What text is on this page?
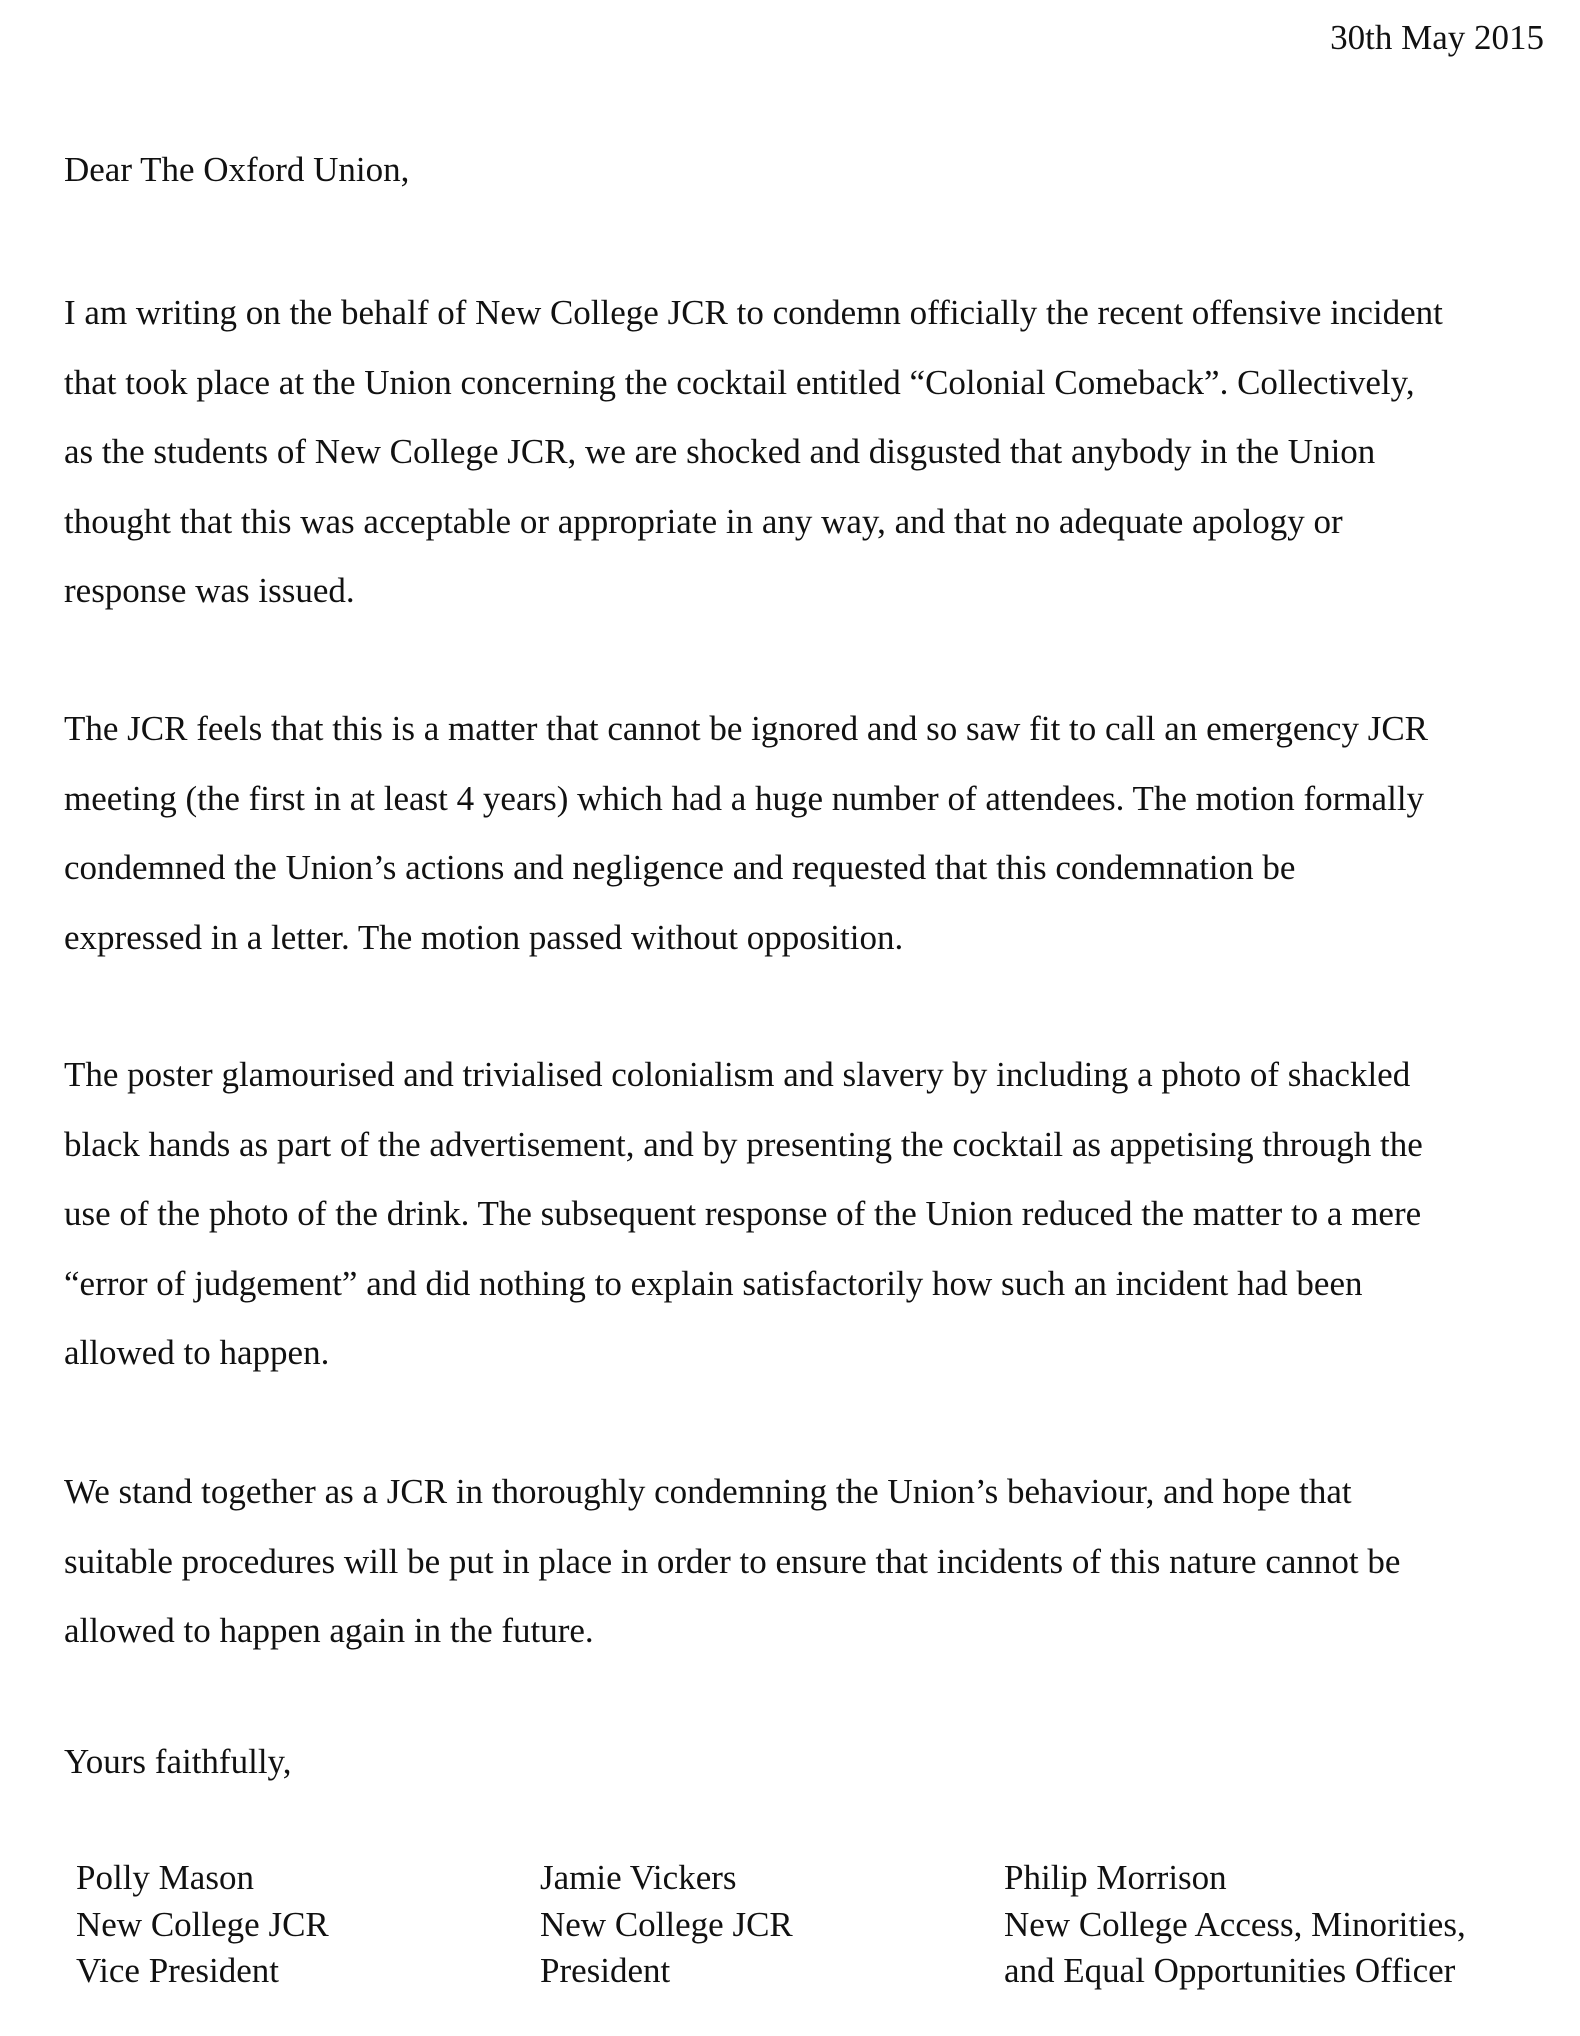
30th May 2015
Dear The Oxford Union,

I am writing on the behalf of New College JCR to condemn officially the recent offensive incident
that took place at the Union concerning the cocktail entitled “Colonial Comeback”. Collectively,
as the students of New College JCR, we are shocked and disgusted that anybody in the Union
thought that this was acceptable or appropriate in any way, and that no adequate apology or
response was issued.

The JCR feels that this is a matter that cannot be ignored and so saw fit to call an emergency JCR
meeting (the first in at least 4 years) which had a huge number of attendees. The motion formally
condemned the Union’s actions and negligence and requested that this condemnation be
expressed in a letter. The motion passed without opposition.

The poster glamourised and trivialised colonialism and slavery by including a photo of shackled
black hands as part of the advertisement, and by presenting the cocktail as appetising through the
use of the photo of the drink. The subsequent response of the Union reduced the matter to a mere
“error of judgement” and did nothing to explain satisfactorily how such an incident had been
allowed to happen.

We stand together as a JCR in thoroughly condemning the Union’s behaviour, and hope that
suitable procedures will be put in place in order to ensure that incidents of this nature cannot be
allowed to happen again in the future.

Yours faithfully,
Polly Mason
New College JCR
Vice President
Jamie Vickers
New College JCR
President
Philip Morrison
New College Access, Minorities,
and Equal Opportunities Officer
